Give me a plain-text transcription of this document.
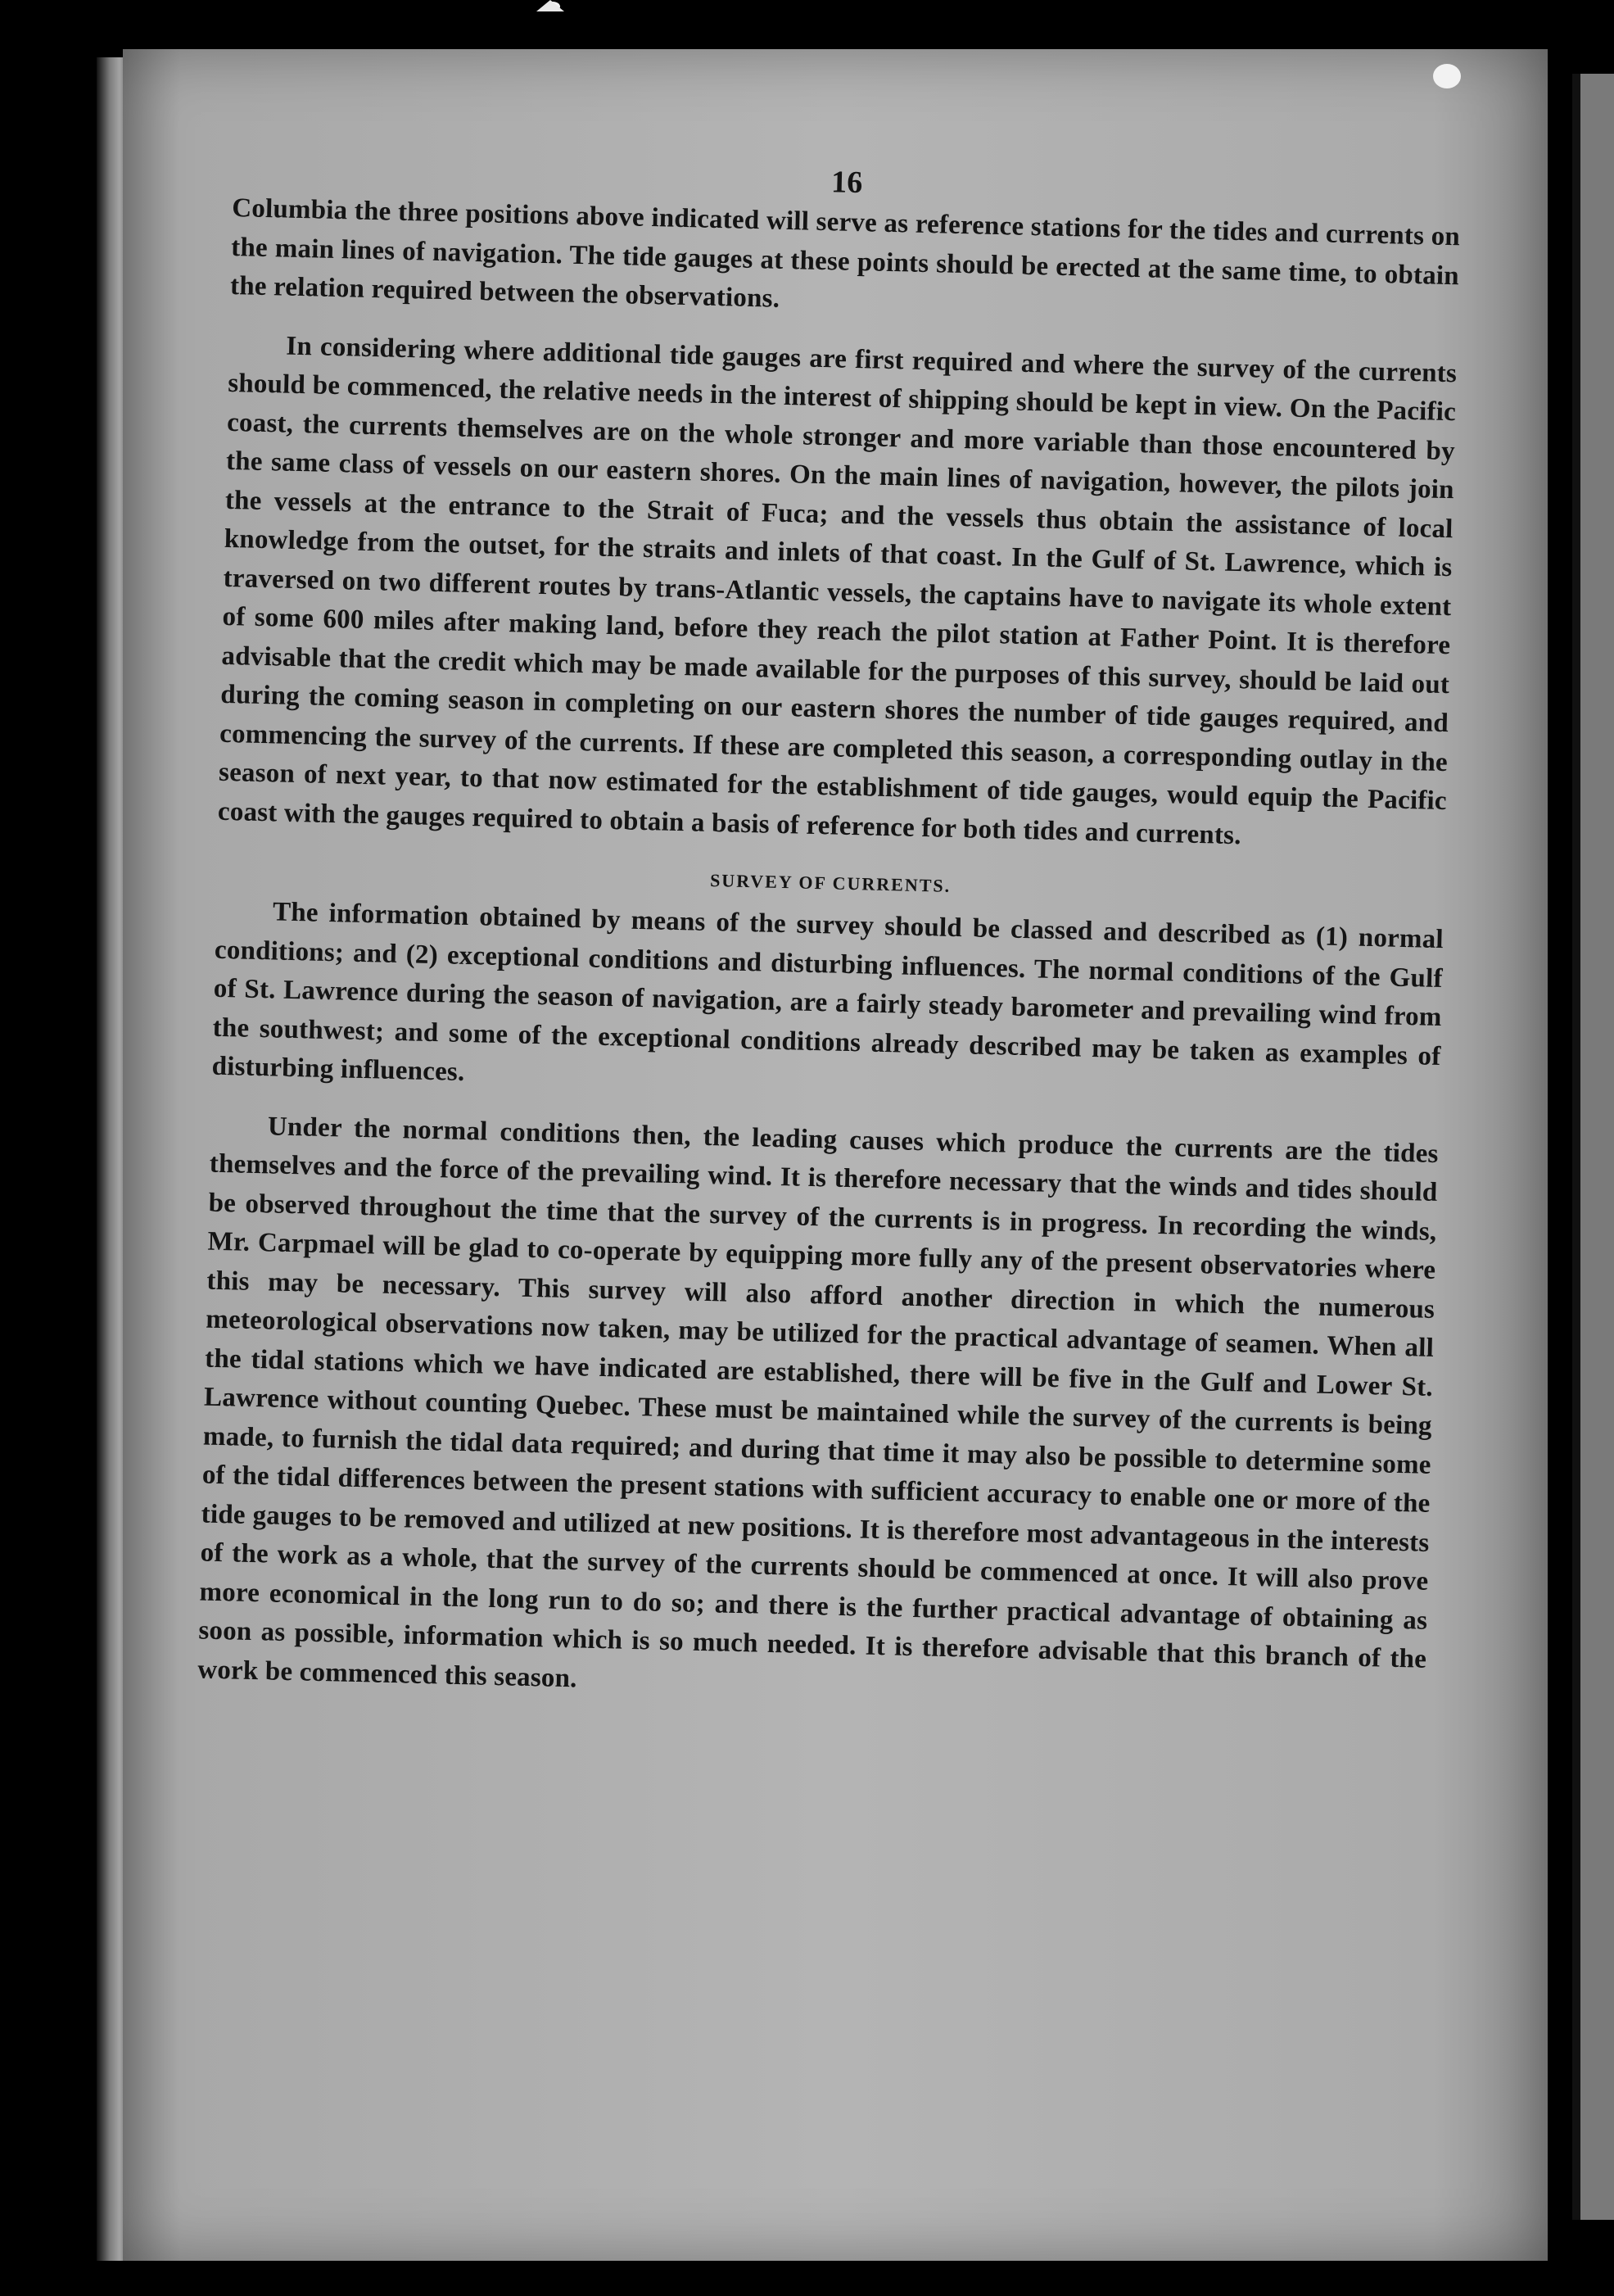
16

Columbia the three positions above indicated will serve as reference stations for the tides and currents on the main lines of navigation. The tide gauges at these points should be erected at the same time, to obtain the relation required between the observations.

In considering where additional tide gauges are first required and where the survey of the currents should be commenced, the relative needs in the interest of shipping should be kept in view. On the Pacific coast, the currents themselves are on the whole stronger and more variable than those encountered by the same class of vessels on our eastern shores. On the main lines of navigation, however, the pilots join the vessels at the entrance to the Strait of Fuca; and the vessels thus obtain the assistance of local knowledge from the outset, for the straits and inlets of that coast. In the Gulf of St. Lawrence, which is traversed on two different routes by trans-Atlantic vessels, the captains have to navigate its whole extent of some 600 miles after making land, before they reach the pilot station at Father Point. It is therefore advisable that the credit which may be made available for the purposes of this survey, should be laid out during the coming season in completing on our eastern shores the number of tide gauges required, and commencing the survey of the currents. If these are completed this season, a corresponding outlay in the season of next year, to that now estimated for the establishment of tide gauges, would equip the Pacific coast with the gauges required to obtain a basis of reference for both tides and currents.

SURVEY OF CURRENTS.

The information obtained by means of the survey should be classed and described as (1) normal conditions; and (2) exceptional conditions and disturbing influences. The normal conditions of the Gulf of St. Lawrence during the season of navigation, are a fairly steady barometer and prevailing wind from the southwest; and some of the exceptional conditions already described may be taken as examples of disturbing influences.

Under the normal conditions then, the leading causes which produce the currents are the tides themselves and the force of the prevailing wind. It is therefore necessary that the winds and tides should be observed throughout the time that the survey of the currents is in progress. In recording the winds, Mr. Carpmael will be glad to co-operate by equipping more fully any of the present observatories where this may be necessary. This survey will also afford another direction in which the numerous meteorological observations now taken, may be utilized for the practical advantage of seamen. When all the tidal stations which we have indicated are established, there will be five in the Gulf and Lower St. Lawrence without counting Quebec. These must be maintained while the survey of the currents is being made, to furnish the tidal data required; and during that time it may also be possible to determine some of the tidal differences between the present stations with sufficient accuracy to enable one or more of the tide gauges to be removed and utilized at new positions. It is therefore most advantageous in the interests of the work as a whole, that the survey of the currents should be commenced at once. It will also prove more economical in the long run to do so; and there is the further practical advantage of obtaining as soon as possible, information which is so much needed. It is therefore advisable that this branch of the work be commenced this season.
